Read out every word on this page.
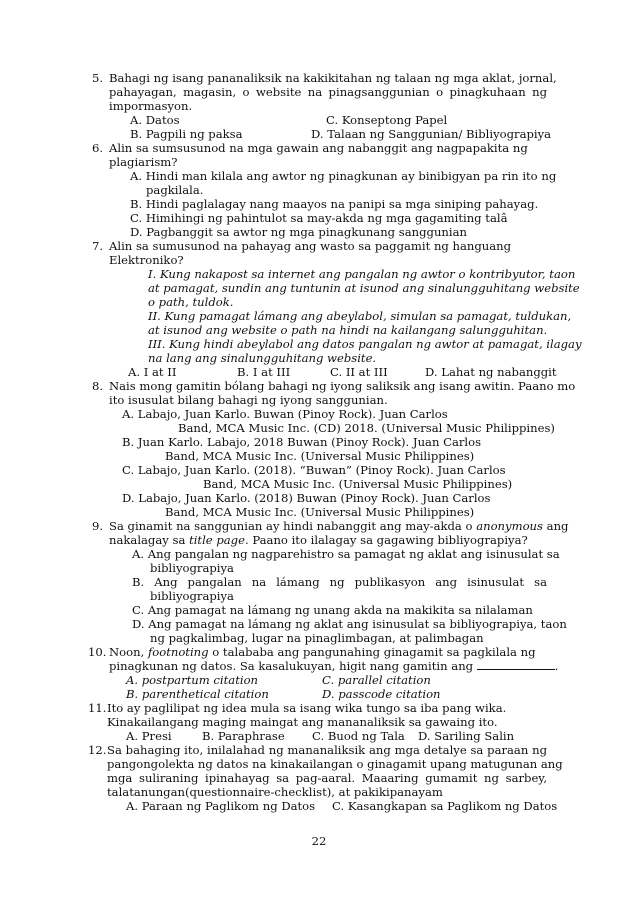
5. Bahagi ng isang pananaliksik na kakikitahan ng talaan ng mga aklat, jornal,
pahayagan, magasin, o website na pinagsanggunian o pinagkuhaan ng
impormasyon.
A. Datos	C. Konseptong Papel
B. Pagpili ng paksa	D. Talaan ng Sanggunian/ Bibliyograpiya
6. Alin sa sumsusunod na mga gawain ang nabanggit ang nagpapakita ng
plagiarism?
A. Hindi man kilala ang awtor ng pinagkunan ay binibigyan pa rin ito ng
pagkilala.
B. Hindi paglalagay nang maayos na panipi sa mga siniping pahayag.
C. Himihingi ng pahintulot sa may-akda ng mga gagamiting talâ
D. Pagbanggit sa awtor ng mga pinagkunang sanggunian
7. Alin sa sumusunod na pahayag ang wasto sa paggamit ng hanguang
Elektroniko?
I. Kung nakapost sa internet ang pangalan ng awtor o kontribyutor, taon
at pamagat, sundin ang tuntunin at isunod ang sinalungguhitang website
o path, tuldok.
II. Kung pamagat lámang ang abeylabol, simulan sa pamagat, tuldukan,
at isunod ang website o path na hindi na kailangang salungguhitan.
III. Kung hindi abeylabol ang datos pangalan ng awtor at pamagat, ilagay
na lang ang sinalungguhitang website.
A. I at II	B. I at III	C. II at III	D. Lahat ng nabanggit
8. Nais mong gamitin bólang bahagi ng iyong saliksik ang isang awitin. Paano mo
ito isusulat bilang bahagi ng iyong sanggunian.
A. Labajo, Juan Karlo. Buwan (Pinoy Rock). Juan Carlos
Band, MCA Music Inc. (CD) 2018. (Universal Music Philippines)
B. Juan Karlo. Labajo, 2018 Buwan (Pinoy Rock). Juan Carlos
Band, MCA Music Inc. (Universal Music Philippines)
C. Labajo, Juan Karlo. (2018). “Buwan” (Pinoy Rock). Juan Carlos
Band, MCA Music Inc. (Universal Music Philippines)
D. Labajo, Juan Karlo. (2018) Buwan (Pinoy Rock). Juan Carlos
Band, MCA Music Inc. (Universal Music Philippines)
9. Sa ginamit na sanggunian ay hindi nabanggit ang may-akda o anonymous ang
nakalagay sa title page. Paano ito ilalagay sa gagawing bibliyograpiya?
A. Ang pangalan ng nagparehistro sa pamagat ng aklat ang isinusulat sa
bibliyograpiya
B. Ang pangalan na lámang ng publikasyon ang isinusulat sa
bibliyograpiya
C. Ang pamagat na lámang ng unang akda na makikita sa nilalaman
D. Ang pamagat na lámang ng aklat ang isinusulat sa bibliyograpiya, taon
ng pagkalimbag, lugar na pinaglimbagan, at palimbagan
10. Noon, footnoting o talababa ang pangunahing ginagamit sa pagkilala ng
pinagkunan ng datos. Sa kasalukuyan, higit nang gamitin ang	.
A. postpartum citation	C. parallel citation
B. parenthetical citation	D. passcode citation
11. Ito ay paglilipat ng idea mula sa isang wika tungo sa iba pang wika.
Kinakailangang maging maingat ang mananaliksik sa gawaing ito.
A. Presi	B. Paraphrase C. Buod ng Tala D. Sariling Salin
12. Sa bahaging ito, inilalahad ng mananaliksik ang mga detalye sa paraan ng
pangongolekta ng datos na kinakailangan o ginagamit upang matugunan ang
mga suliraning ipinahayag sa pag-aaral. Maaaring gumamit ng sarbey,
talatanungan(questionnaire-checklist), at pakikipanayam
A. Paraan ng Paglikom ng Datos C. Kasangkapan sa Paglikom ng Datos
22
